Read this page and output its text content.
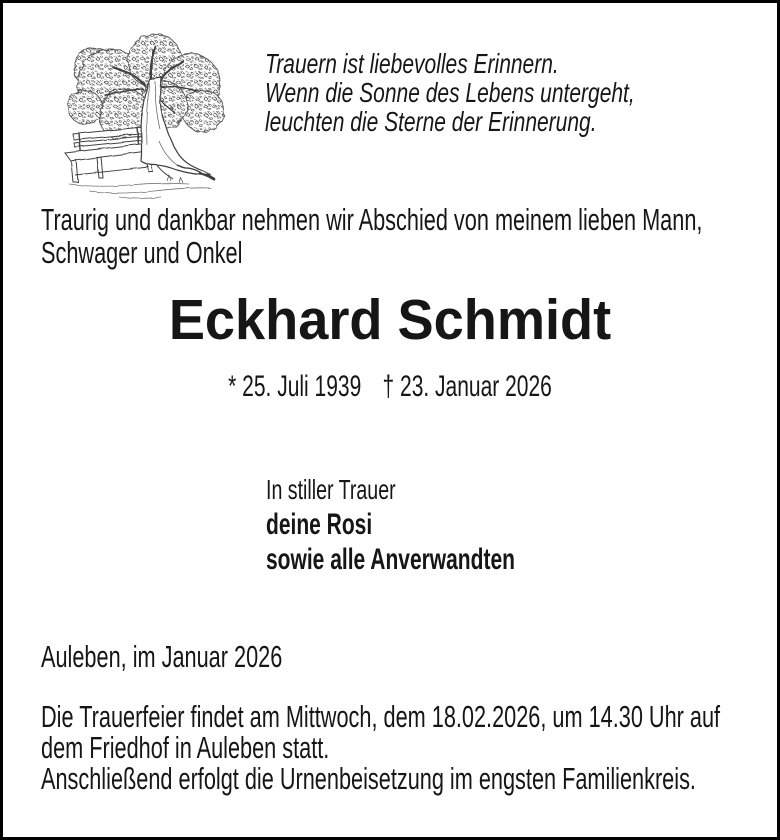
Trauern ist liebevolles Erinnern.
Wenn die Sonne des Lebens untergeht,
leuchten die Sterne der Erinnerung.
Traurig und dankbar nehmen wir Abschied von meinem lieben Mann,
Schwager und Onkel
Eckhard Schmidt
* 25. Juli 1939 † 23. Januar 2026
In stiller Trauer
deine Rosi
sowie alle Anverwandten
Auleben, im Januar 2026
Die Trauerfeier findet am Mittwoch, dem 18.02.2026, um 14.30 Uhr auf
dem Friedhof in Auleben statt.
Anschließend erfolgt die Urnenbeisetzung im engsten Familienkreis.
